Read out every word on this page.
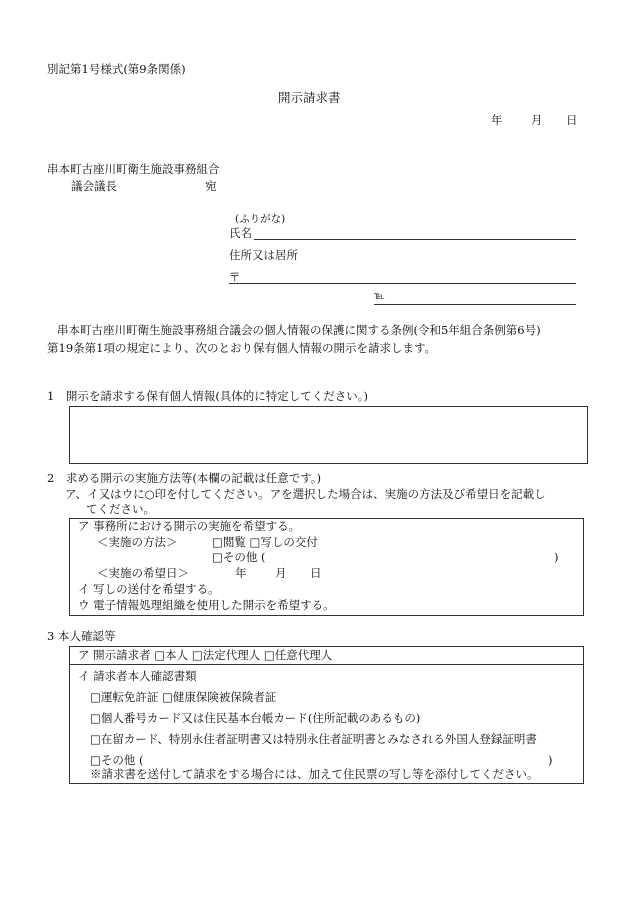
別記第1号様式(第9条関係)
開示請求書
年 月 日
串本町古座川町衛生施設事務組合
議会議長	宛
(ふりがな)
氏名
住所又は居所
〒
℡
串本町古座川町衛生施設事務組合議会の個人情報の保護に関する条例(令和5年組合条例第6号)
第19条第1項の規定により、次のとおり保有個人情報の開示を請求します。
1　開示を請求する保有個人情報(具体的に特定してください。)
2　求める開示の実施方法等(本欄の記載は任意です。)
ア、イ又はウに○印を付してください。アを選択した場合は、実施の方法及び希望日を記載し
てください。
ア 事務所における開示の実施を希望する。
＜実施の方法＞	□閲覧 □写しの交付
□その他 (	)
＜実施の希望日＞	年 月 日
イ 写しの送付を希望する。
ウ 電子情報処理組織を使用した開示を希望する。
3 本人確認等
ア 開示請求者 □本人 □法定代理人 □任意代理人
イ 請求者本人確認書類
□運転免許証 □健康保険被保険者証
□個人番号カード又は住民基本台帳カード(住所記載のあるもの)
□在留カード、特別永住者証明書又は特別永住者証明書とみなされる外国人登録証明書
□その他 (	)
※請求書を送付して請求をする場合には、加えて住民票の写し等を添付してください。
